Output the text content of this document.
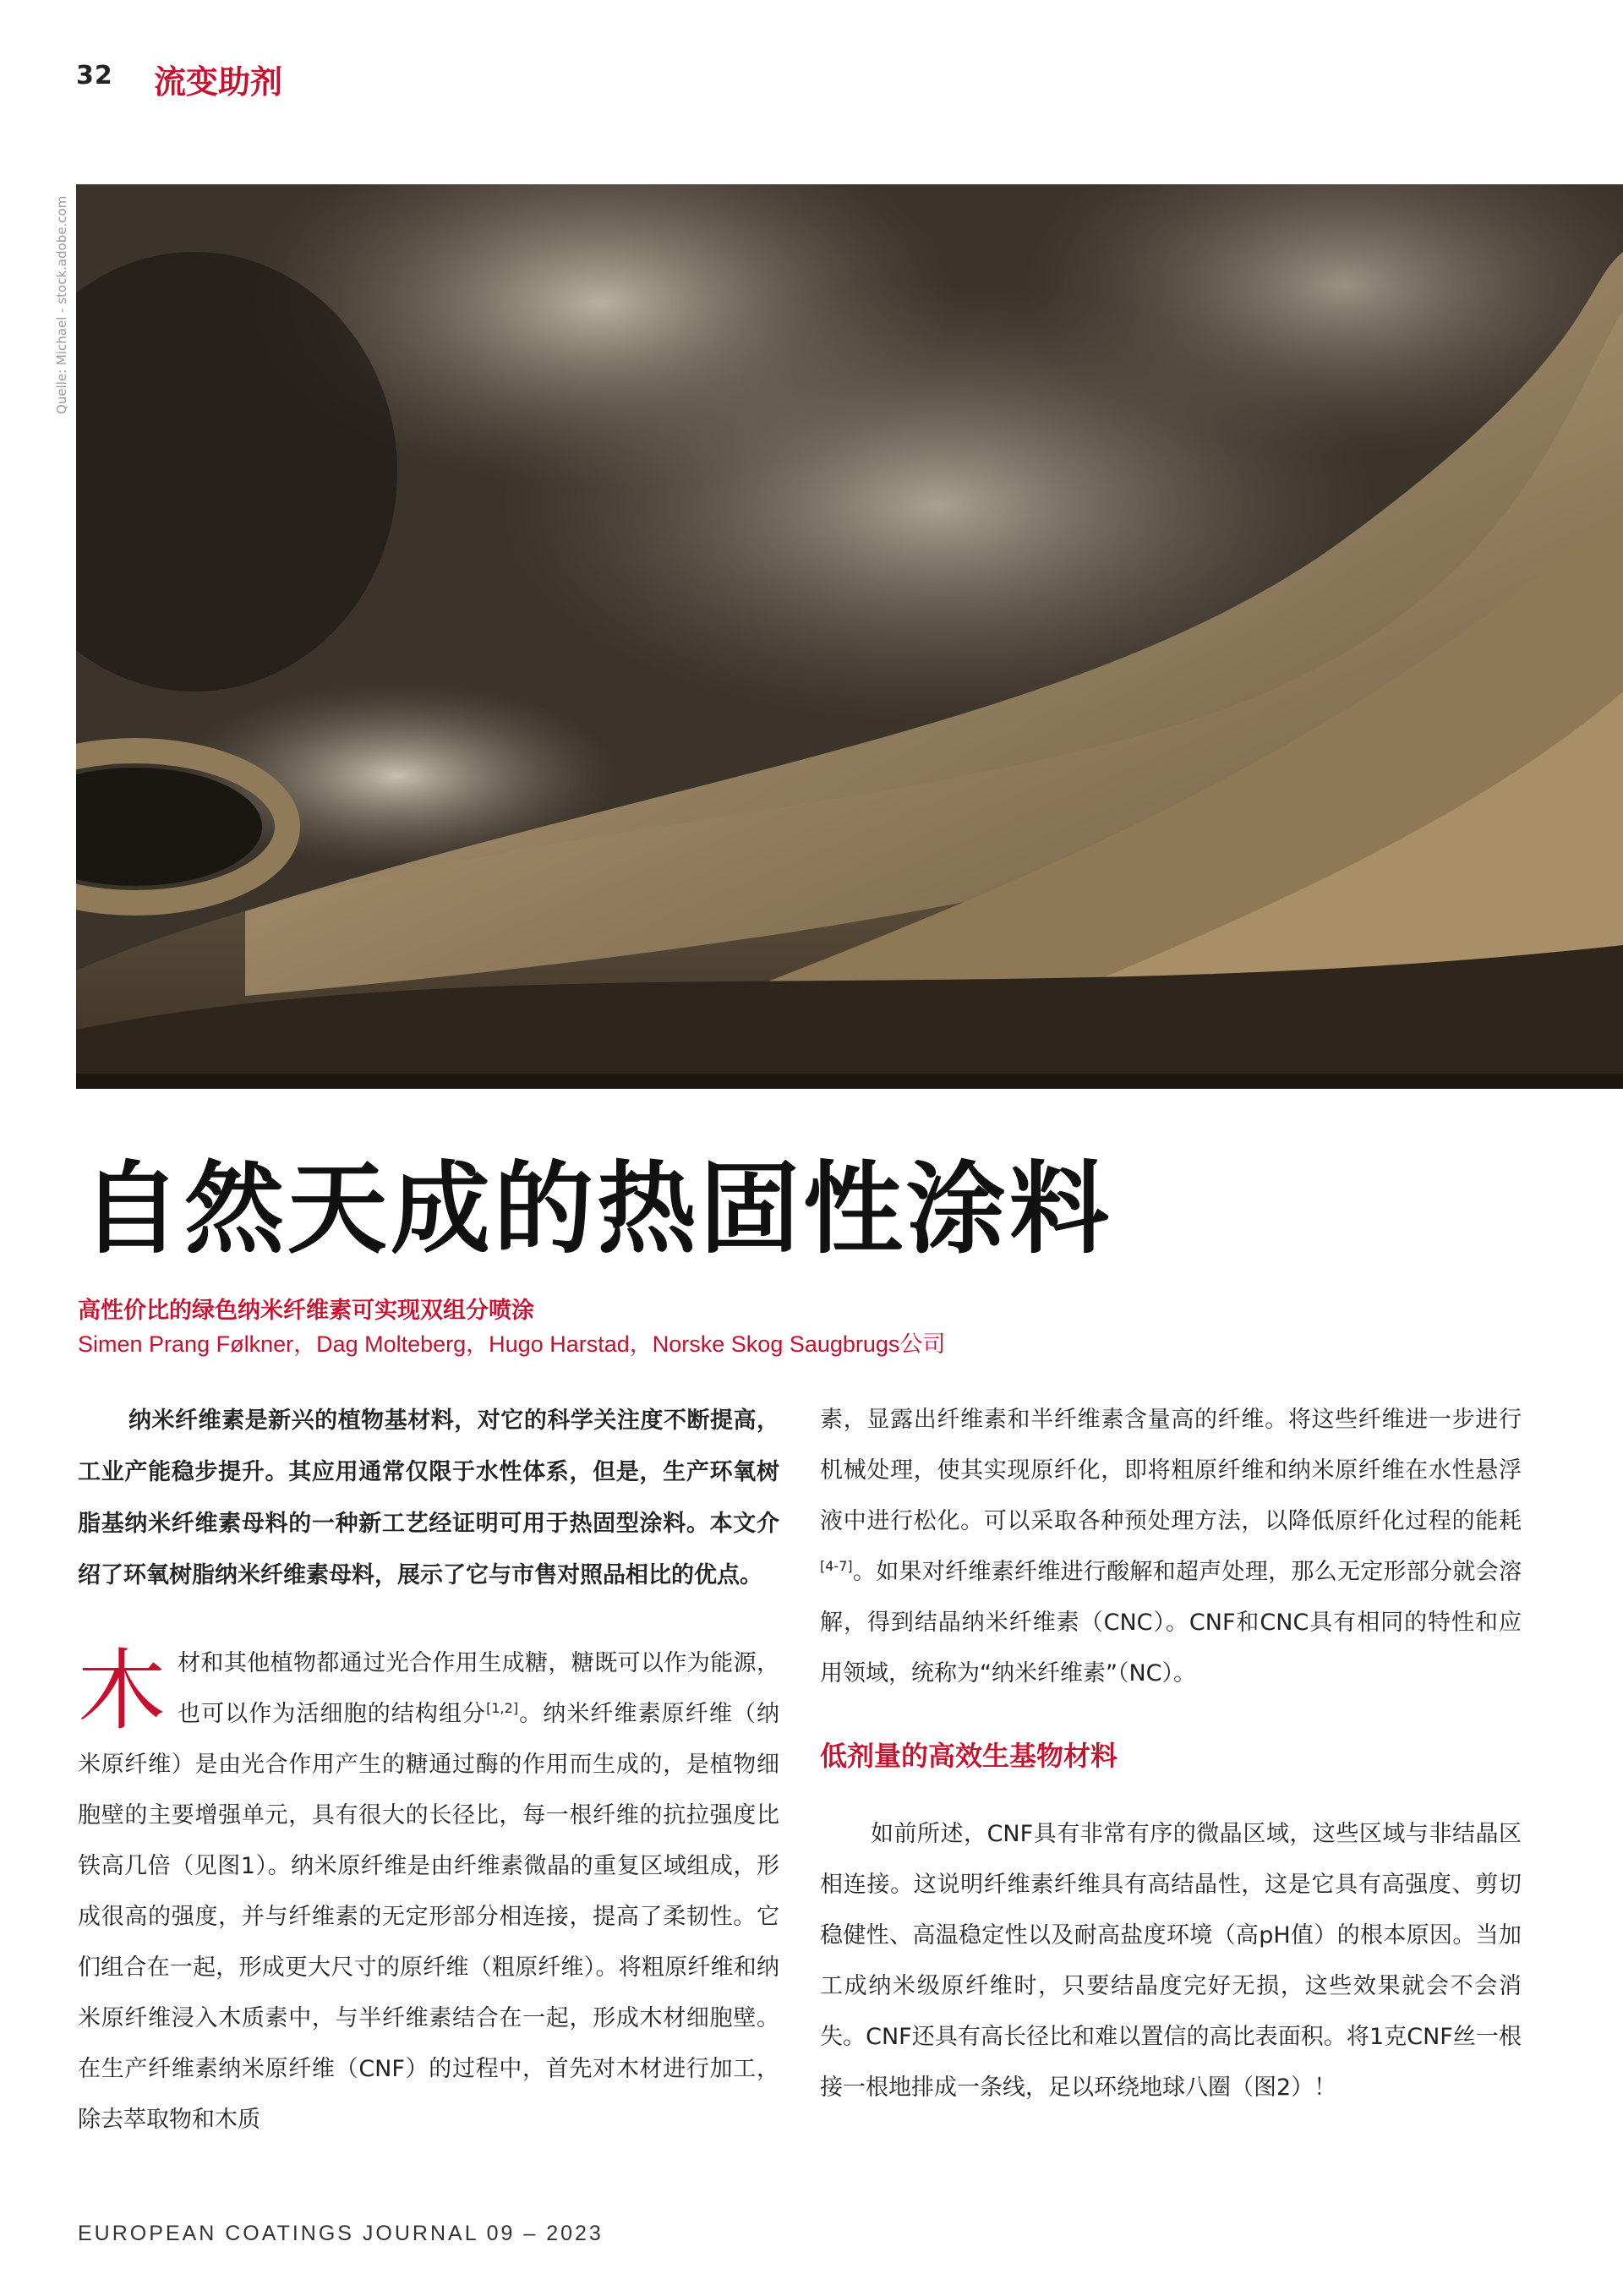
32 流变助剂
Quelle: Michael - stock.adobe.com
自然天成的热固性涂料
高性价比的绿色纳米纤维素可实现双组分喷涂
Simen Prang Følkner，Dag Molteberg，Hugo Harstad，Norske Skog Saugbrugs公司

纳米纤维素是新兴的植物基材料，对它的科学关注度不断提高，工业产能稳步提升。其应用通常仅限于水性体系，但是，生产环氧树脂基纳米纤维素母料的一种新工艺经证明可用于热固型涂料。本文介绍了环氧树脂纳米纤维素母料，展示了它与市售对照品相比的优点。

木材和其他植物都通过光合作用生成糖，糖既可以作为能源，也可以作为活细胞的结构组分[1,2]。纳米纤维素原纤维（纳米原纤维）是由光合作用产生的糖通过酶的作用而生成的，是植物细胞壁的主要增强单元，具有很大的长径比，每一根纤维的抗拉强度比铁高几倍（见图1）。纳米原纤维是由纤维素微晶的重复区域组成，形成很高的强度，并与纤维素的无定形部分相连接，提高了柔韧性。它们组合在一起，形成更大尺寸的原纤维（粗原纤维）。将粗原纤维和纳米原纤维浸入木质素中，与半纤维素结合在一起，形成木材细胞壁。在生产纤维素纳米原纤维（CNF）的过程中，首先对木材进行加工，除去萃取物和木质

素，显露出纤维素和半纤维素含量高的纤维。将这些纤维进一步进行机械处理，使其实现原纤化，即将粗原纤维和纳米原纤维在水性悬浮液中进行松化。可以采取各种预处理方法，以降低原纤化过程的能耗[4-7]。如果对纤维素纤维进行酸解和超声处理，那么无定形部分就会溶解，得到结晶纳米纤维素（CNC）。CNF和CNC具有相同的特性和应用领域，统称为“纳米纤维素”（NC）。

低剂量的高效生基物材料

如前所述，CNF具有非常有序的微晶区域，这些区域与非结晶区相连接。这说明纤维素纤维具有高结晶性，这是它具有高强度、剪切稳健性、高温稳定性以及耐高盐度环境（高pH值）的根本原因。当加工成纳米级原纤维时，只要结晶度完好无损，这些效果就会不会消失。CNF还具有高长径比和难以置信的高比表面积。将1克CNF丝一根接一根地排成一条线，足以环绕地球八圈（图2）！

EUROPEAN COATINGS JOURNAL 09 – 2023
